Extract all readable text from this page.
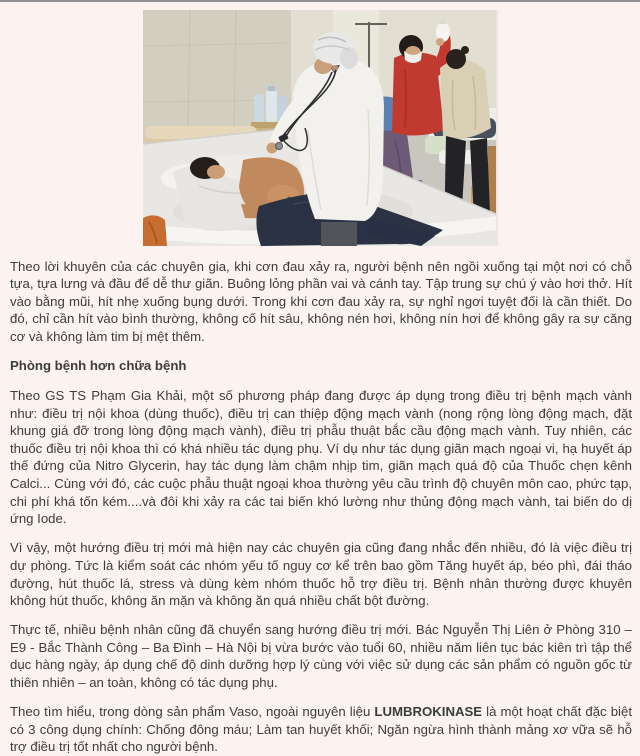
Theo lời khuyên của các chuyên gia, khi cơn đau xảy ra, người bệnh nên ngồi xuống tại một nơi có chỗ tựa, tựa lưng và đầu để dễ thư giãn. Buông lỏng phần vai và cánh tay. Tập trung sự chú ý vào hơi thở. Hít vào bằng mũi, hít nhẹ xuống bụng dưới. Trong khi cơn đau xảy ra, sự nghỉ ngơi tuyệt đối là cần thiết. Do đó, chỉ cần hít vào bình thường, không cố hít sâu, không nén hơi, không nín hơi để không gây ra sự căng cơ và không làm tim bị mệt thêm.

Phòng bệnh hơn chữa bệnh

Theo GS TS Phạm Gia Khải, một số phương pháp đang được áp dụng trong điều trị bệnh mạch vành như: điều trị nội khoa (dùng thuốc), điều trị can thiệp động mạch vành (nong rộng lòng động mạch, đặt khung giá đỡ trong lòng động mạch vành), điều trị phẫu thuật bắc cầu động mạch vành. Tuy nhiên, các thuốc điều trị nội khoa thì có khá nhiều tác dụng phụ. Ví dụ như tác dụng giãn mạch ngoại vi, hạ huyết áp thế đứng của Nitro Glycerin, hay tác dụng làm chậm nhịp tim, giãn mạch quá độ của Thuốc chẹn kênh Calci... Cùng với đó, các cuộc phẫu thuật ngoại khoa thường yêu cầu trình độ chuyên môn cao, phức tạp, chi phí khá tốn kém....và đôi khi xảy ra các tai biến khó lường như thủng động mạch vành, tai biến do dị ứng Iode.

Vì vậy, một hướng điều trị mới mà hiện nay các chuyên gia cũng đang nhắc đến nhiều, đó là việc điều trị dự phòng. Tức là kiểm soát các nhóm yếu tố nguy cơ kể trên bao gồm Tăng huyết áp, béo phì, đái tháo đường, hút thuốc lá, stress và dùng kèm nhóm thuốc hỗ trợ điều trị. Bệnh nhân thường được khuyên không hút thuốc, không ăn mặn và không ăn quá nhiều chất bột đường.

Thực tế, nhiều bệnh nhân cũng đã chuyển sang hướng điều trị mới. Bác Nguyễn Thị Liên ở Phòng 310 – E9 - Bắc Thành Công – Ba Đình – Hà Nội bị vừa bước vào tuổi 60, nhiều năm liên tục bác kiên trì tập thể dục hàng ngày, áp dụng chế độ dinh dưỡng hợp lý cùng với việc sử dụng các sản phẩm có nguồn gốc từ thiên nhiên – an toàn, không có tác dụng phụ.

Theo tìm hiểu, trong dòng sản phẩm Vaso, ngoài nguyên liệu LUMBROKINASE là một hoạt chất đặc biệt có 3 công dụng chính: Chống đông máu; Làm tan huyết khối; Ngăn ngừa hình thành mảng xơ vữa sẽ hỗ trợ điều trị tốt nhất cho người bệnh.
